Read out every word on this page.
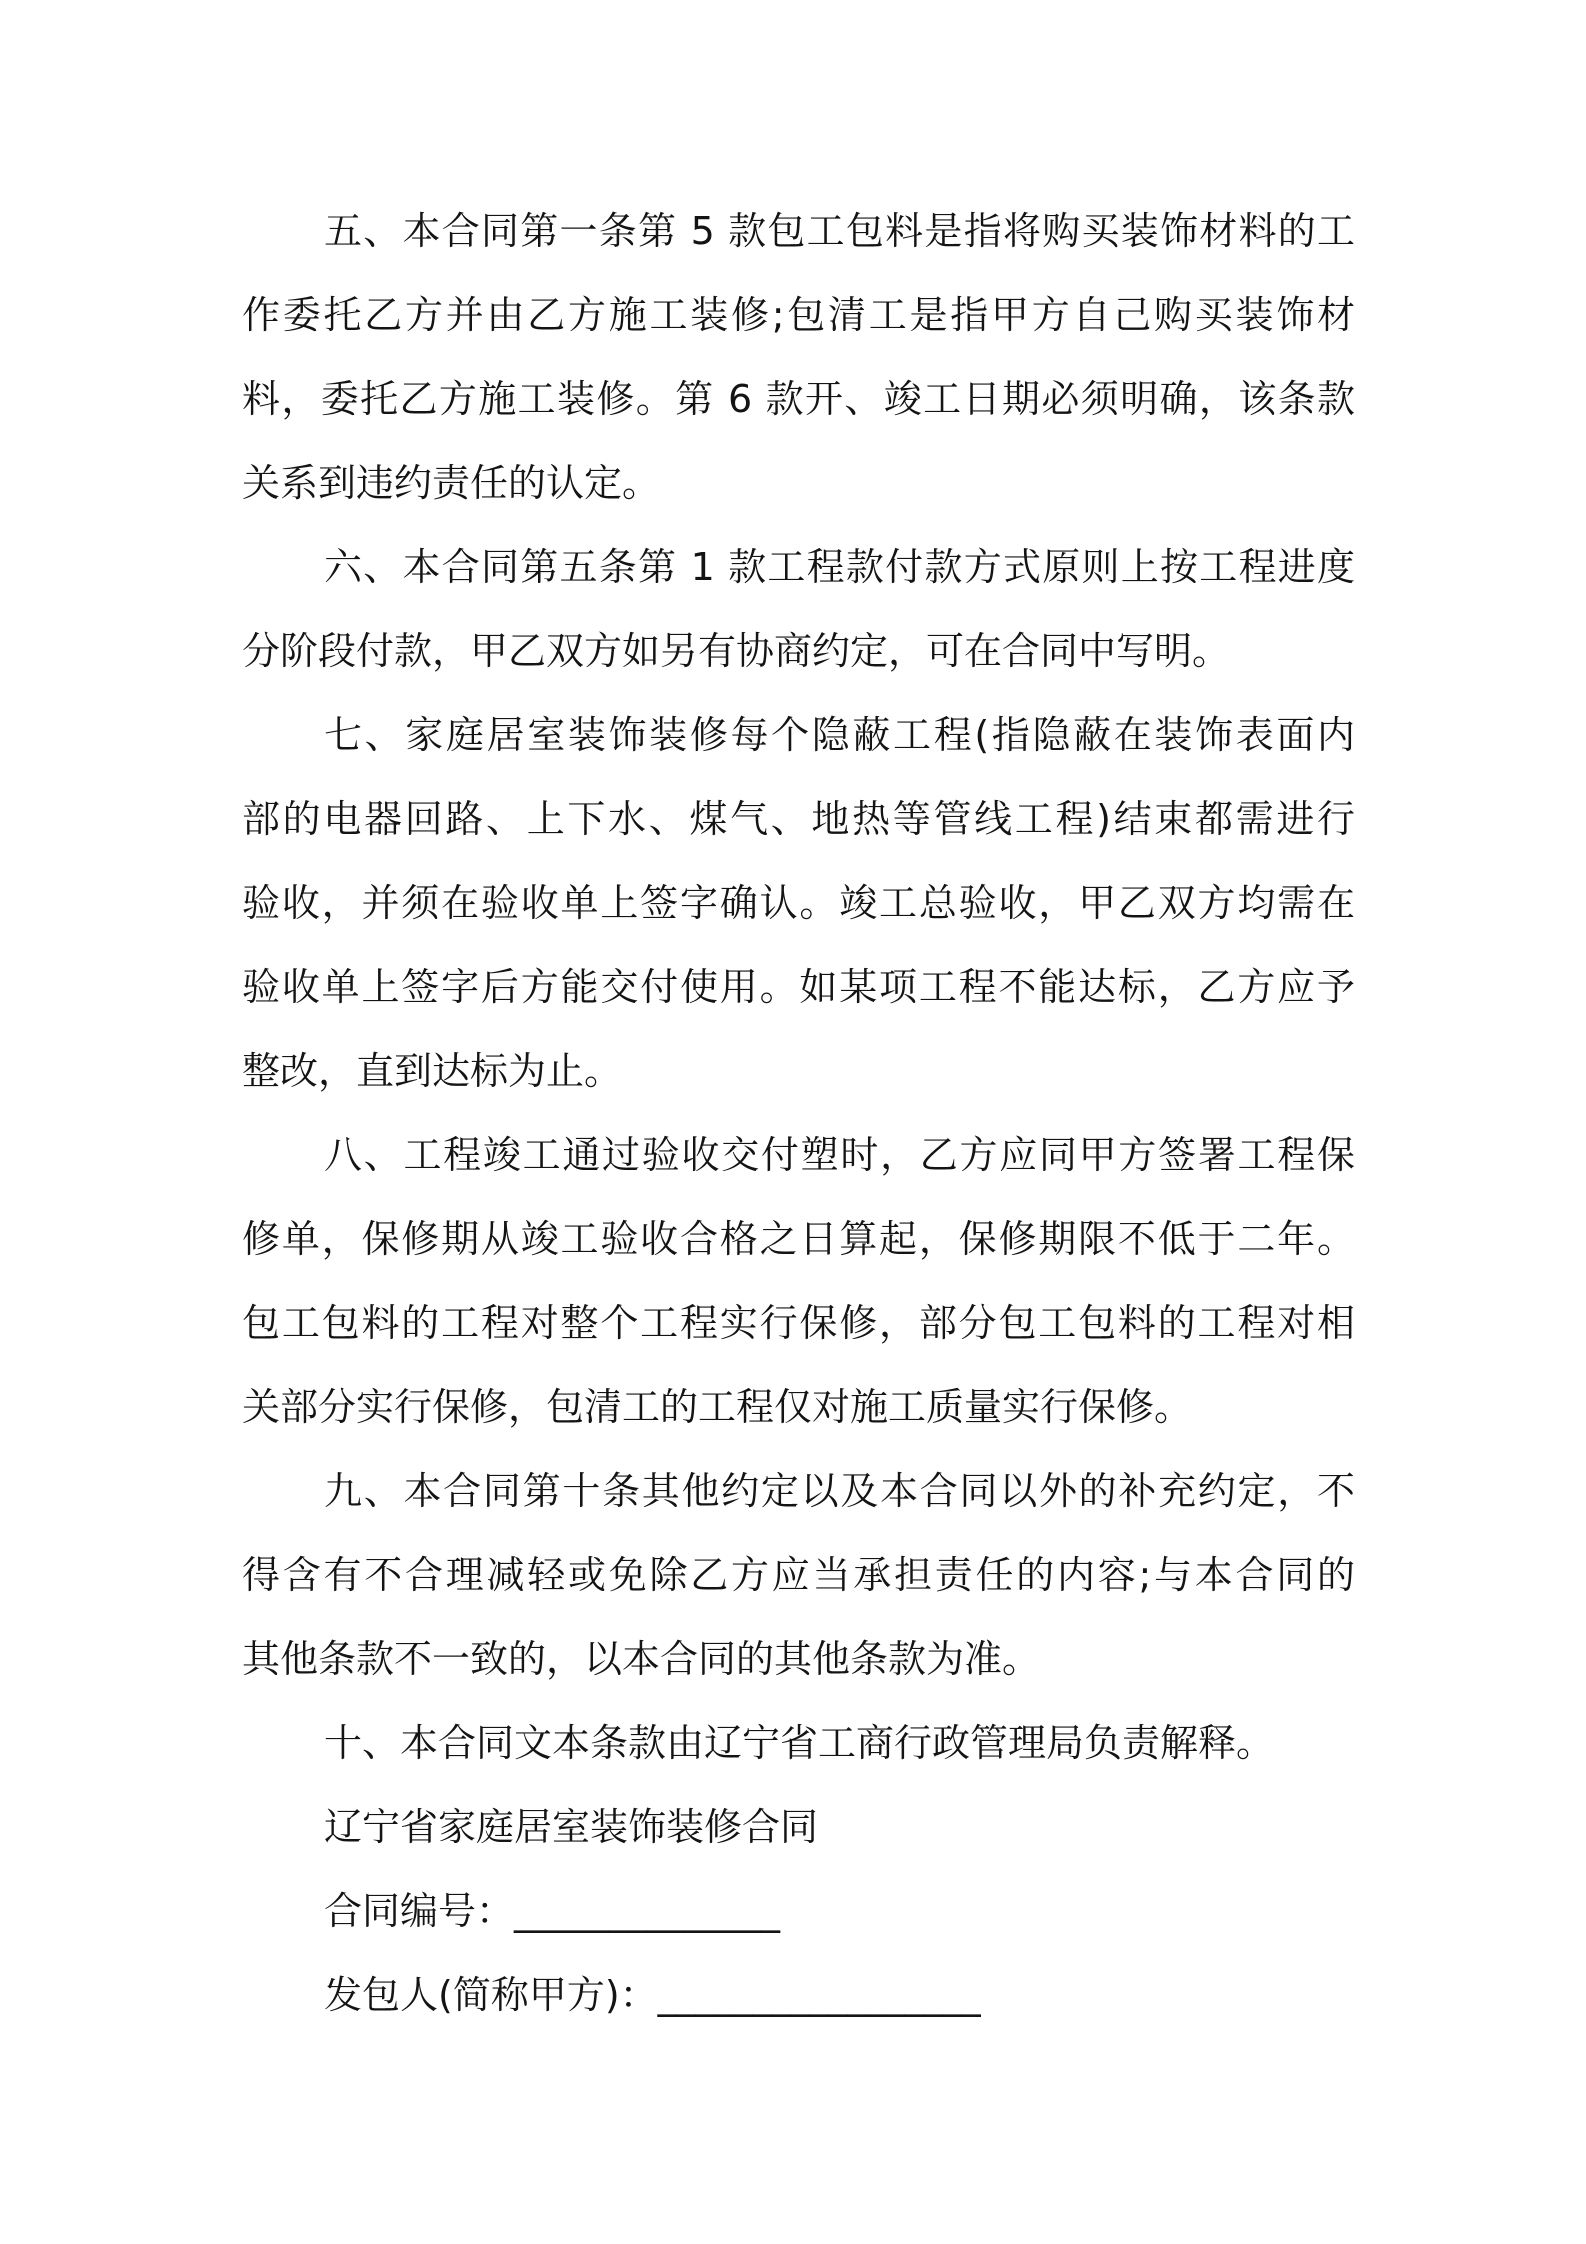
五、本合同第一条第 5 款包工包料是指将购买装饰材料的工
作委托乙方并由乙方施工装修;包清工是指甲方自己购买装饰材
料，委托乙方施工装修。第 6 款开、竣工日期必须明确，该条款
关系到违约责任的认定。
六、本合同第五条第 1 款工程款付款方式原则上按工程进度
分阶段付款，甲乙双方如另有协商约定，可在合同中写明。
七、家庭居室装饰装修每个隐蔽工程(指隐蔽在装饰表面内
部的电器回路、上下水、煤气、地热等管线工程)结束都需进行
验收，并须在验收单上签字确认。竣工总验收，甲乙双方均需在
验收单上签字后方能交付使用。如某项工程不能达标，乙方应予
整改，直到达标为止。
八、工程竣工通过验收交付塑时，乙方应同甲方签署工程保
修单，保修期从竣工验收合格之日算起，保修期限不低于二年。
包工包料的工程对整个工程实行保修，部分包工包料的工程对相
关部分实行保修，包清工的工程仅对施工质量实行保修。
九、本合同第十条其他约定以及本合同以外的补充约定，不
得含有不合理减轻或免除乙方应当承担责任的内容;与本合同的
其他条款不一致的，以本合同的其他条款为准。
十、本合同文本条款由辽宁省工商行政管理局负责解释。
辽宁省家庭居室装饰装修合同
合同编号：______________
发包人(简称甲方)：_________________
